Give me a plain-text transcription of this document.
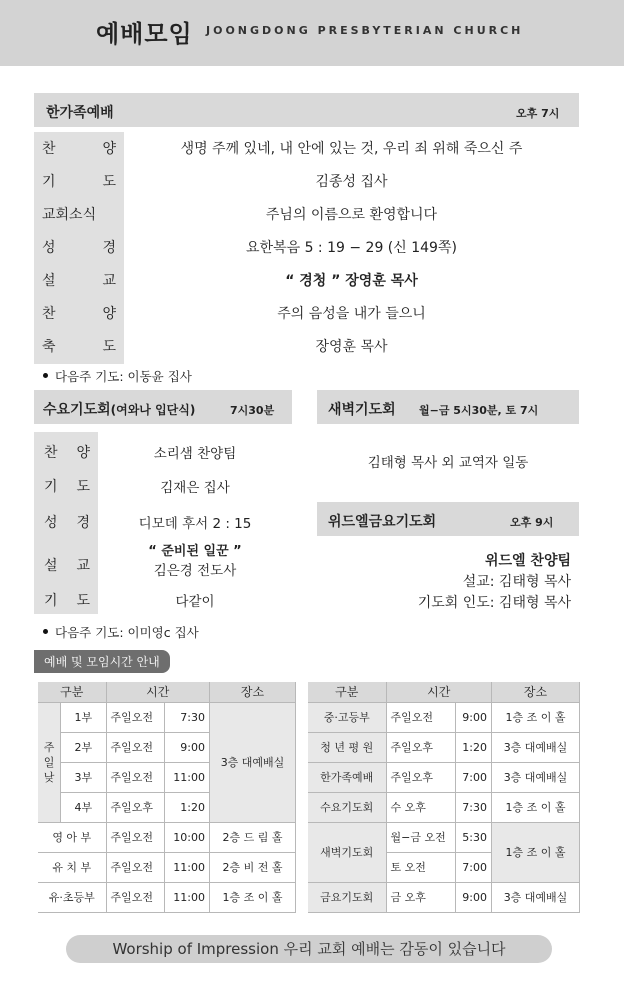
예배모임 JOONGDONG PRESBYTERIAN CHURCH
한가족예배	오후 7시
찬 양	생명 주께 있네, 내 안에 있는 것, 우리 죄 위해 죽으신 주
기 도	김종성 집사
교회소식	주님의 이름으로 환영합니다
성 경	요한복음 5 : 19 − 29 (신 149쪽)
설 교	“ 경청 ” 장영훈 목사
찬 양	주의 음성을 내가 들으니
축 도	장영훈 목사
다음주 기도: 이동윤 집사
수요기도회(여와나 입단식)	7시30분
찬 양	소리샘 찬양팀
기 도	김재은 집사
성 경	디모데 후서 2 : 15
설 교
“ 준비된 일꾼 ”
김은경 전도사
기 도	다같이
다음주 기도: 이미영c 집사
새벽기도회 월−금 5시30분, 토 7시
김태형 목사 외 교역자 일동
위드엘금요기도회	오후 9시
위드엘 찬양팀
설교: 김태형 목사
기도회 인도: 김태형 목사
예배 및 모임시간 안내
구분		시간		장소
주일낮	1부	주일오전	7:30	3층 대예배실
	2부	주일오전	9:00	
	3부	주일오전	11:00	
	4부	주일오후	1:20	
영 아 부		주일오전	10:00	2층 드 림 홀
유 치 부		주일오전	11:00	2층 비 전 홀
유·초등부		주일오전	11:00	1층 조 이 홀
구분	시간		장소
중·고등부	주일오전	9:00	1층 조 이 홀
청 년 평 원	주일오후	1:20	3층 대예배실
한가족예배	주일오후	7:00	3층 대예배실
수요기도회	수 오후	7:30	1층 조 이 홀
새벽기도회	월−금 오전	5:30	1층 조 이 홀
	토 오전	7:00	
금요기도회	금 오후	9:00	3층 대예배실
Worship of Impression 우리 교회 예배는 감동이 있습니다
